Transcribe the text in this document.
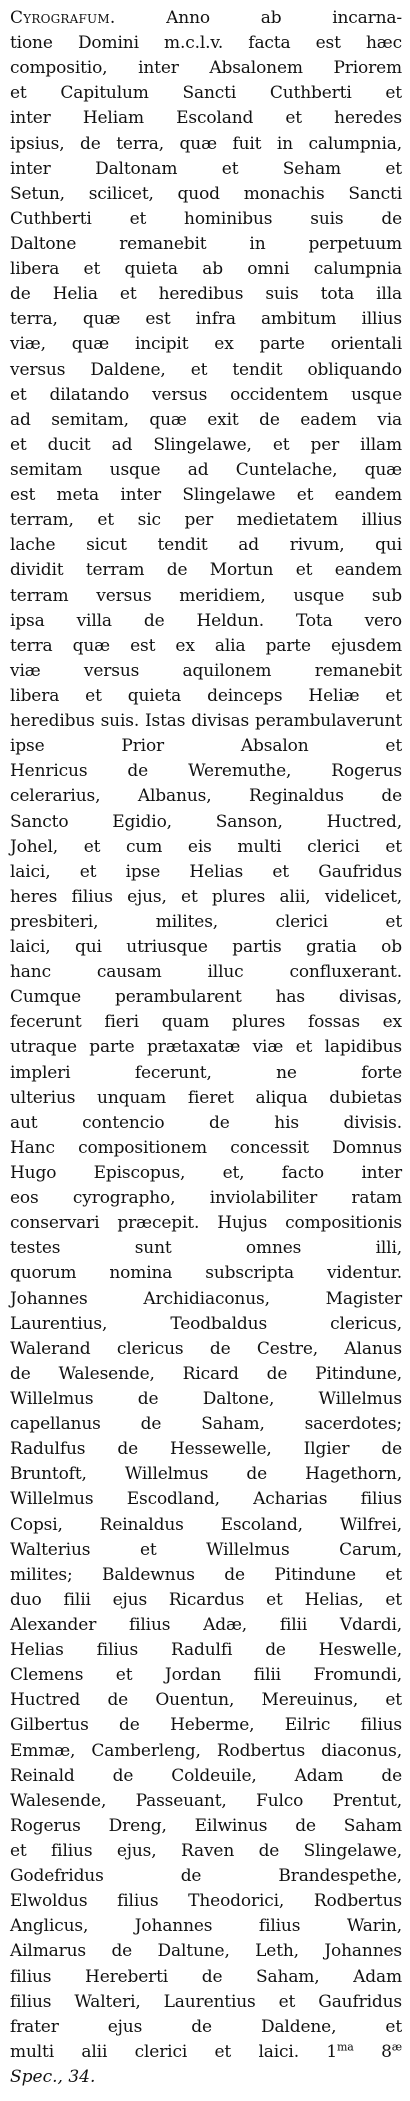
Cyrografum. Anno ab incarna-
tione Domini m.c.l.v. facta est hæc
compositio, inter Absalonem Priorem
et Capitulum Sancti Cuthberti et
inter Heliam Escoland et heredes
ipsius, de terra, quæ fuit in calumpnia,
inter Daltonam et Seham et
Setun, scilicet, quod monachis Sancti
Cuthberti et hominibus suis de
Daltone remanebit in perpetuum
libera et quieta ab omni calumpnia
de Helia et heredibus suis tota illa
terra, quæ est infra ambitum illius
viæ, quæ incipit ex parte orientali
versus Daldene, et tendit obliquando
et dilatando versus occidentem usque
ad semitam, quæ exit de eadem via
et ducit ad Slingelawe, et per illam
semitam usque ad Cuntelache, quæ
est meta inter Slingelawe et eandem
terram, et sic per medietatem illius
lache sicut tendit ad rivum, qui
dividit terram de Mortun et eandem
terram versus meridiem, usque sub
ipsa villa de Heldun. Tota vero
terra quæ est ex alia parte ejusdem
viæ versus aquilonem remanebit
libera et quieta deinceps Heliæ et
heredibus suis. Istas divisas perambulaverunt
ipse Prior Absalon et
Henricus de Weremuthe, Rogerus
celerarius, Albanus, Reginaldus de
Sancto Egidio, Sanson, Huctred,
Johel, et cum eis multi clerici et
laici, et ipse Helias et Gaufridus
heres filius ejus, et plures alii, videlicet,
presbiteri, milites, clerici et
laici, qui utriusque partis gratia ob
hanc causam illuc confluxerant.
Cumque perambularent has divisas,
fecerunt fieri quam plures fossas ex
utraque parte prætaxatæ viæ et lapidibus
impleri fecerunt, ne forte
ulterius unquam fieret aliqua dubietas
aut contencio de his divisis.
Hanc compositionem concessit Domnus
Hugo Episcopus, et, facto inter
eos cyrographo, inviolabiliter ratam
conservari præcepit. Hujus compositionis
testes sunt omnes illi,
quorum nomina subscripta videntur.
Johannes Archidiaconus, Magister
Laurentius, Teodbaldus clericus,
Walerand clericus de Cestre, Alanus
de Walesende, Ricard de Pitindune,
Willelmus de Daltone, Willelmus
capellanus de Saham, sacerdotes;
Radulfus de Hessewelle, Ilgier de
Bruntoft, Willelmus de Hagethorn,
Willelmus Escodland, Acharias filius
Copsi, Reinaldus Escoland, Wilfrei,
Walterius et Willelmus Carum,
milites; Baldewnus de Pitindune et
duo filii ejus Ricardus et Helias, et
Alexander filius Adæ, filii Vdardi,
Helias filius Radulfi de Heswelle,
Clemens et Jordan filii Fromundi,
Huctred de Ouentun, Mereuinus, et
Gilbertus de Heberme, Eilric filius
Emmæ, Camberleng, Rodbertus diaconus,
Reinald de Coldeuile, Adam de
Walesende, Passeuant, Fulco Prentut,
Rogerus Dreng, Eilwinus de Saham
et filius ejus, Raven de Slingelawe,
Godefridus de Brandespethe,
Elwoldus filius Theodorici, Rodbertus
Anglicus, Johannes filius Warin,
Ailmarus de Daltune, Leth, Johannes
filius Hereberti de Saham, Adam
filius Walteri, Laurentius et Gaufridus
frater ejus de Daldene, et
multi alii clerici et laici. $1^{ma}$ $8^æ$
Spec., 34.
